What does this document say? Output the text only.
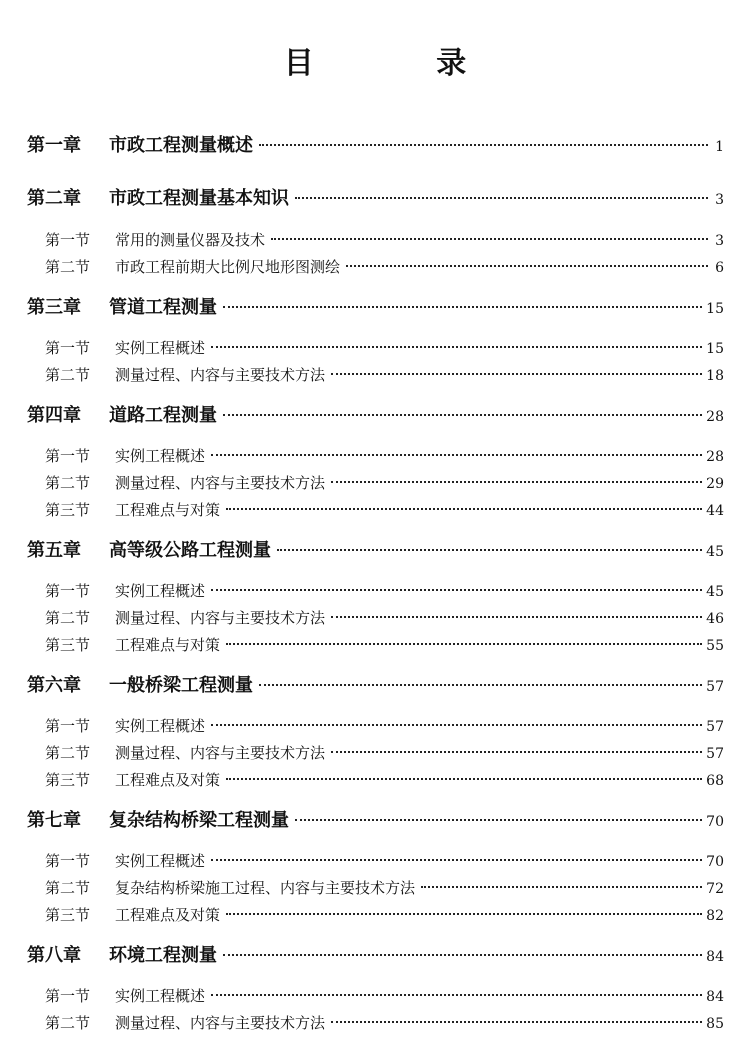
目 录
第一章	市政工程测量概述	1
第二章	市政工程测量基本知识	3
第一节	常用的测量仪器及技术	3
第二节	市政工程前期大比例尺地形图测绘	6
第三章	管道工程测量	15
第一节	实例工程概述	15
第二节	测量过程、内容与主要技术方法	18
第四章	道路工程测量	28
第一节	实例工程概述	28
第二节	测量过程、内容与主要技术方法	29
第三节	工程难点与对策	44
第五章	高等级公路工程测量	45
第一节	实例工程概述	45
第二节	测量过程、内容与主要技术方法	46
第三节	工程难点与对策	55
第六章	一般桥梁工程测量	57
第一节	实例工程概述	57
第二节	测量过程、内容与主要技术方法	57
第三节	工程难点及对策	68
第七章	复杂结构桥梁工程测量	70
第一节	实例工程概述	70
第二节	复杂结构桥梁施工过程、内容与主要技术方法	72
第三节	工程难点及对策	82
第八章	环境工程测量	84
第一节	实例工程概述	84
第二节	测量过程、内容与主要技术方法	85
